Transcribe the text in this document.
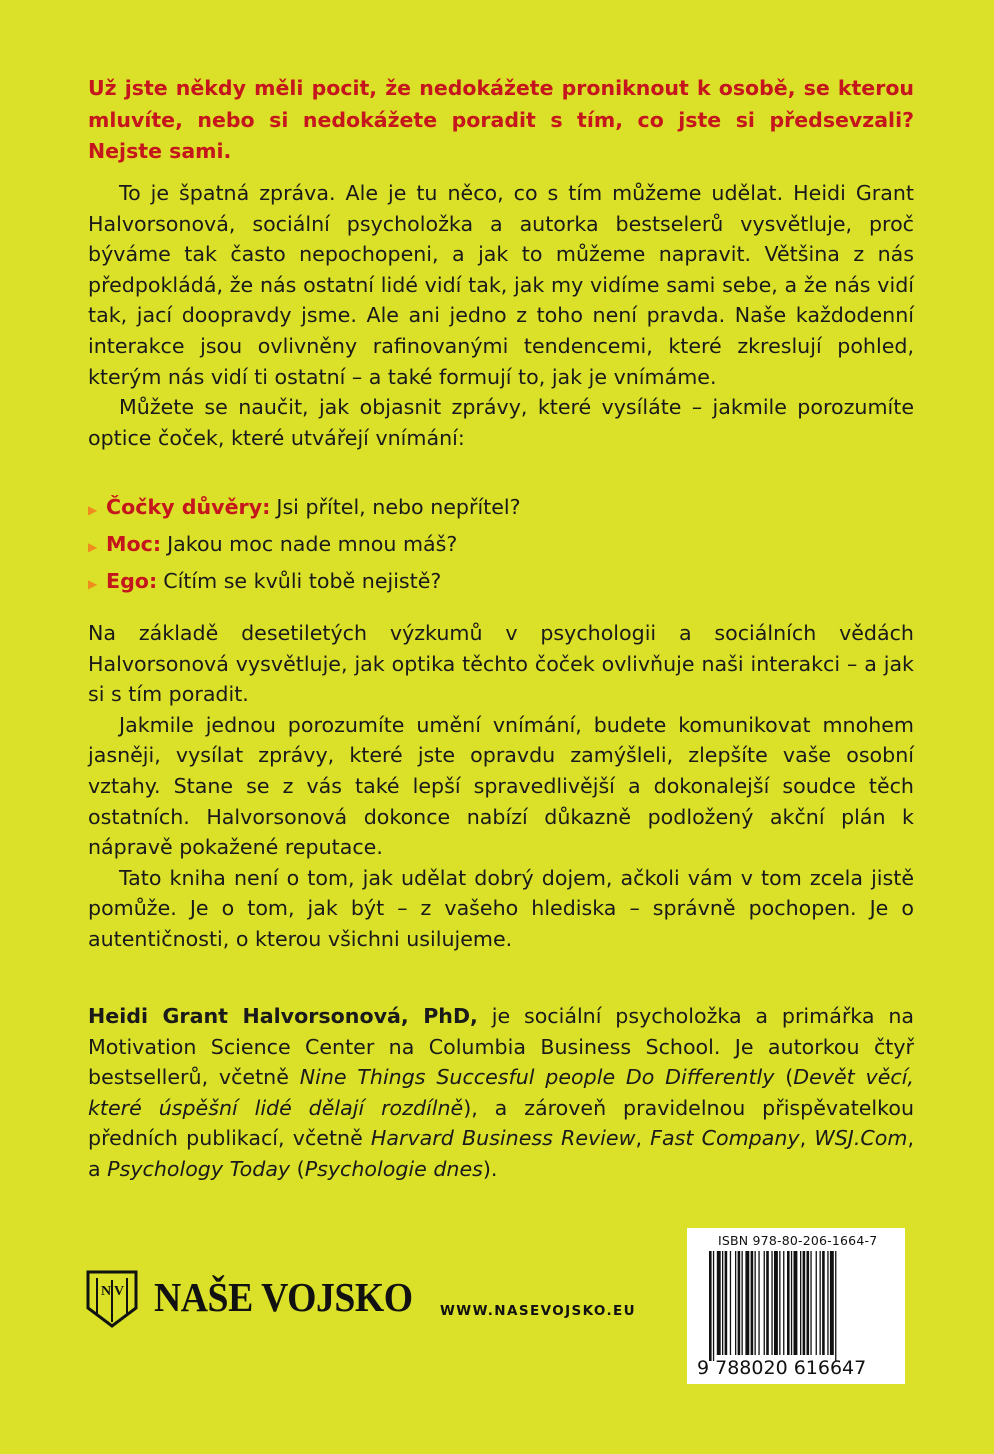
Už jste někdy měli pocit, že nedokážete proniknout k osobě, se kterou mluvíte, nebo si nedokážete poradit s tím, co jste si předsevzali? Nejste sami.

To je špatná zpráva. Ale je tu něco, co s tím můžeme udělat. Heidi Grant Halvorsonová, sociální psycholožka a autorka bestselerů vysvětluje, proč býváme tak často nepochopeni, a jak to můžeme napravit. Většina z nás předpokládá, že nás ostatní lidé vidí tak, jak my vidíme sami sebe, a že nás vidí tak, jací doopravdy jsme. Ale ani jedno z toho není pravda. Naše každodenní interakce jsou ovlivněny rafinovanými tendencemi, které zkreslují pohled, kterým nás vidí ti ostatní – a také formují to, jak je vnímáme.

Můžete se naučit, jak objasnit zprávy, které vysíláte – jakmile porozumíte optice čoček, které utvářejí vnímání:

▶ Čočky důvěry: Jsi přítel, nebo nepřítel?
▶ Moc: Jakou moc nade mnou máš?
▶ Ego: Cítím se kvůli tobě nejistě?

Na základě desetiletých výzkumů v psychologii a sociálních vědách Halvorsonová vysvětluje, jak optika těchto čoček ovlivňuje naši interakci – a jak si s tím poradit.

Jakmile jednou porozumíte umění vnímání, budete komunikovat mnohem jasněji, vysílat zprávy, které jste opravdu zamýšleli, zlepšíte vaše osobní vztahy. Stane se z vás také lepší spravedlivější a dokonalejší soudce těch ostatních. Halvorsonová dokonce nabízí důkazně podložený akční plán k nápravě pokažené reputace.

Tato kniha není o tom, jak udělat dobrý dojem, ačkoli vám v tom zcela jistě pomůže. Je o tom, jak být – z vašeho hlediska – správně pochopen. Je o autentičnosti, o kterou všichni usilujeme.

Heidi Grant Halvorsonová, PhD, je sociální psycholožka a primářka na Motivation Science Center na Columbia Business School. Je autorkou čtyř bestsellerů, včetně Nine Things Succesful people Do Differently (Devět věcí, které úspěšní lidé dělají rozdílně), a zároveň pravidelnou přispěvatelkou předních publikací, včetně Harvard Business Review, Fast Company, WSJ.Com, a Psychology Today (Psychologie dnes).

N V NAŠE VOJSKO WWW.NASEVOJSKO.EU
ISBN 978-80-206-1664-7
9 788020 616647
